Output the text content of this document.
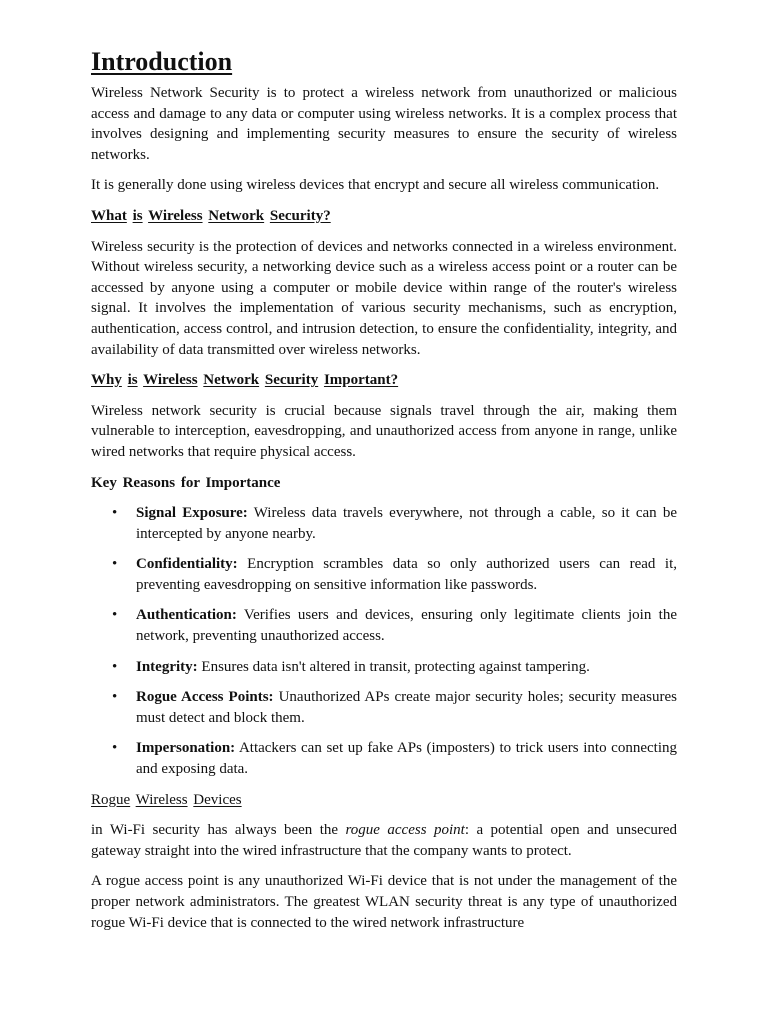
Introduction

Wireless Network Security is to protect a wireless network from unauthorized or malicious access and damage to any data or computer using wireless networks. It is a complex process that involves designing and implementing security measures to ensure the security of wireless networks.

It is generally done using wireless devices that encrypt and secure all wireless communication.

What is Wireless Network Security?

Wireless security is the protection of devices and networks connected in a wireless environment. Without wireless security, a networking device such as a wireless access point or a router can be accessed by anyone using a computer or mobile device within range of the router's wireless signal. It involves the implementation of various security mechanisms, such as encryption, authentication, access control, and intrusion detection, to ensure the confidentiality, integrity, and availability of data transmitted over wireless networks.

Why is Wireless Network Security Important?

Wireless network security is crucial because signals travel through the air, making them vulnerable to interception, eavesdropping, and unauthorized access from anyone in range, unlike wired networks that require physical access.

Key Reasons for Importance
• Signal Exposure: Wireless data travels everywhere, not through a cable, so it can be intercepted by anyone nearby.
• Confidentiality: Encryption scrambles data so only authorized users can read it, preventing eavesdropping on sensitive information like passwords.
• Authentication: Verifies users and devices, ensuring only legitimate clients join the network, preventing unauthorized access.
• Integrity: Ensures data isn't altered in transit, protecting against tampering.
• Rogue Access Points: Unauthorized APs create major security holes; security measures must detect and block them.
• Impersonation: Attackers can set up fake APs (imposters) to trick users into connecting and exposing data.
Rogue Wireless Devices

in Wi-Fi security has always been the rogue access point: a potential open and unsecured gateway straight into the wired infrastructure that the company wants to protect.

A rogue access point is any unauthorized Wi-Fi device that is not under the management of the proper network administrators. The greatest WLAN security threat is any type of unauthorized rogue Wi-Fi device that is connected to the wired network infrastructure
